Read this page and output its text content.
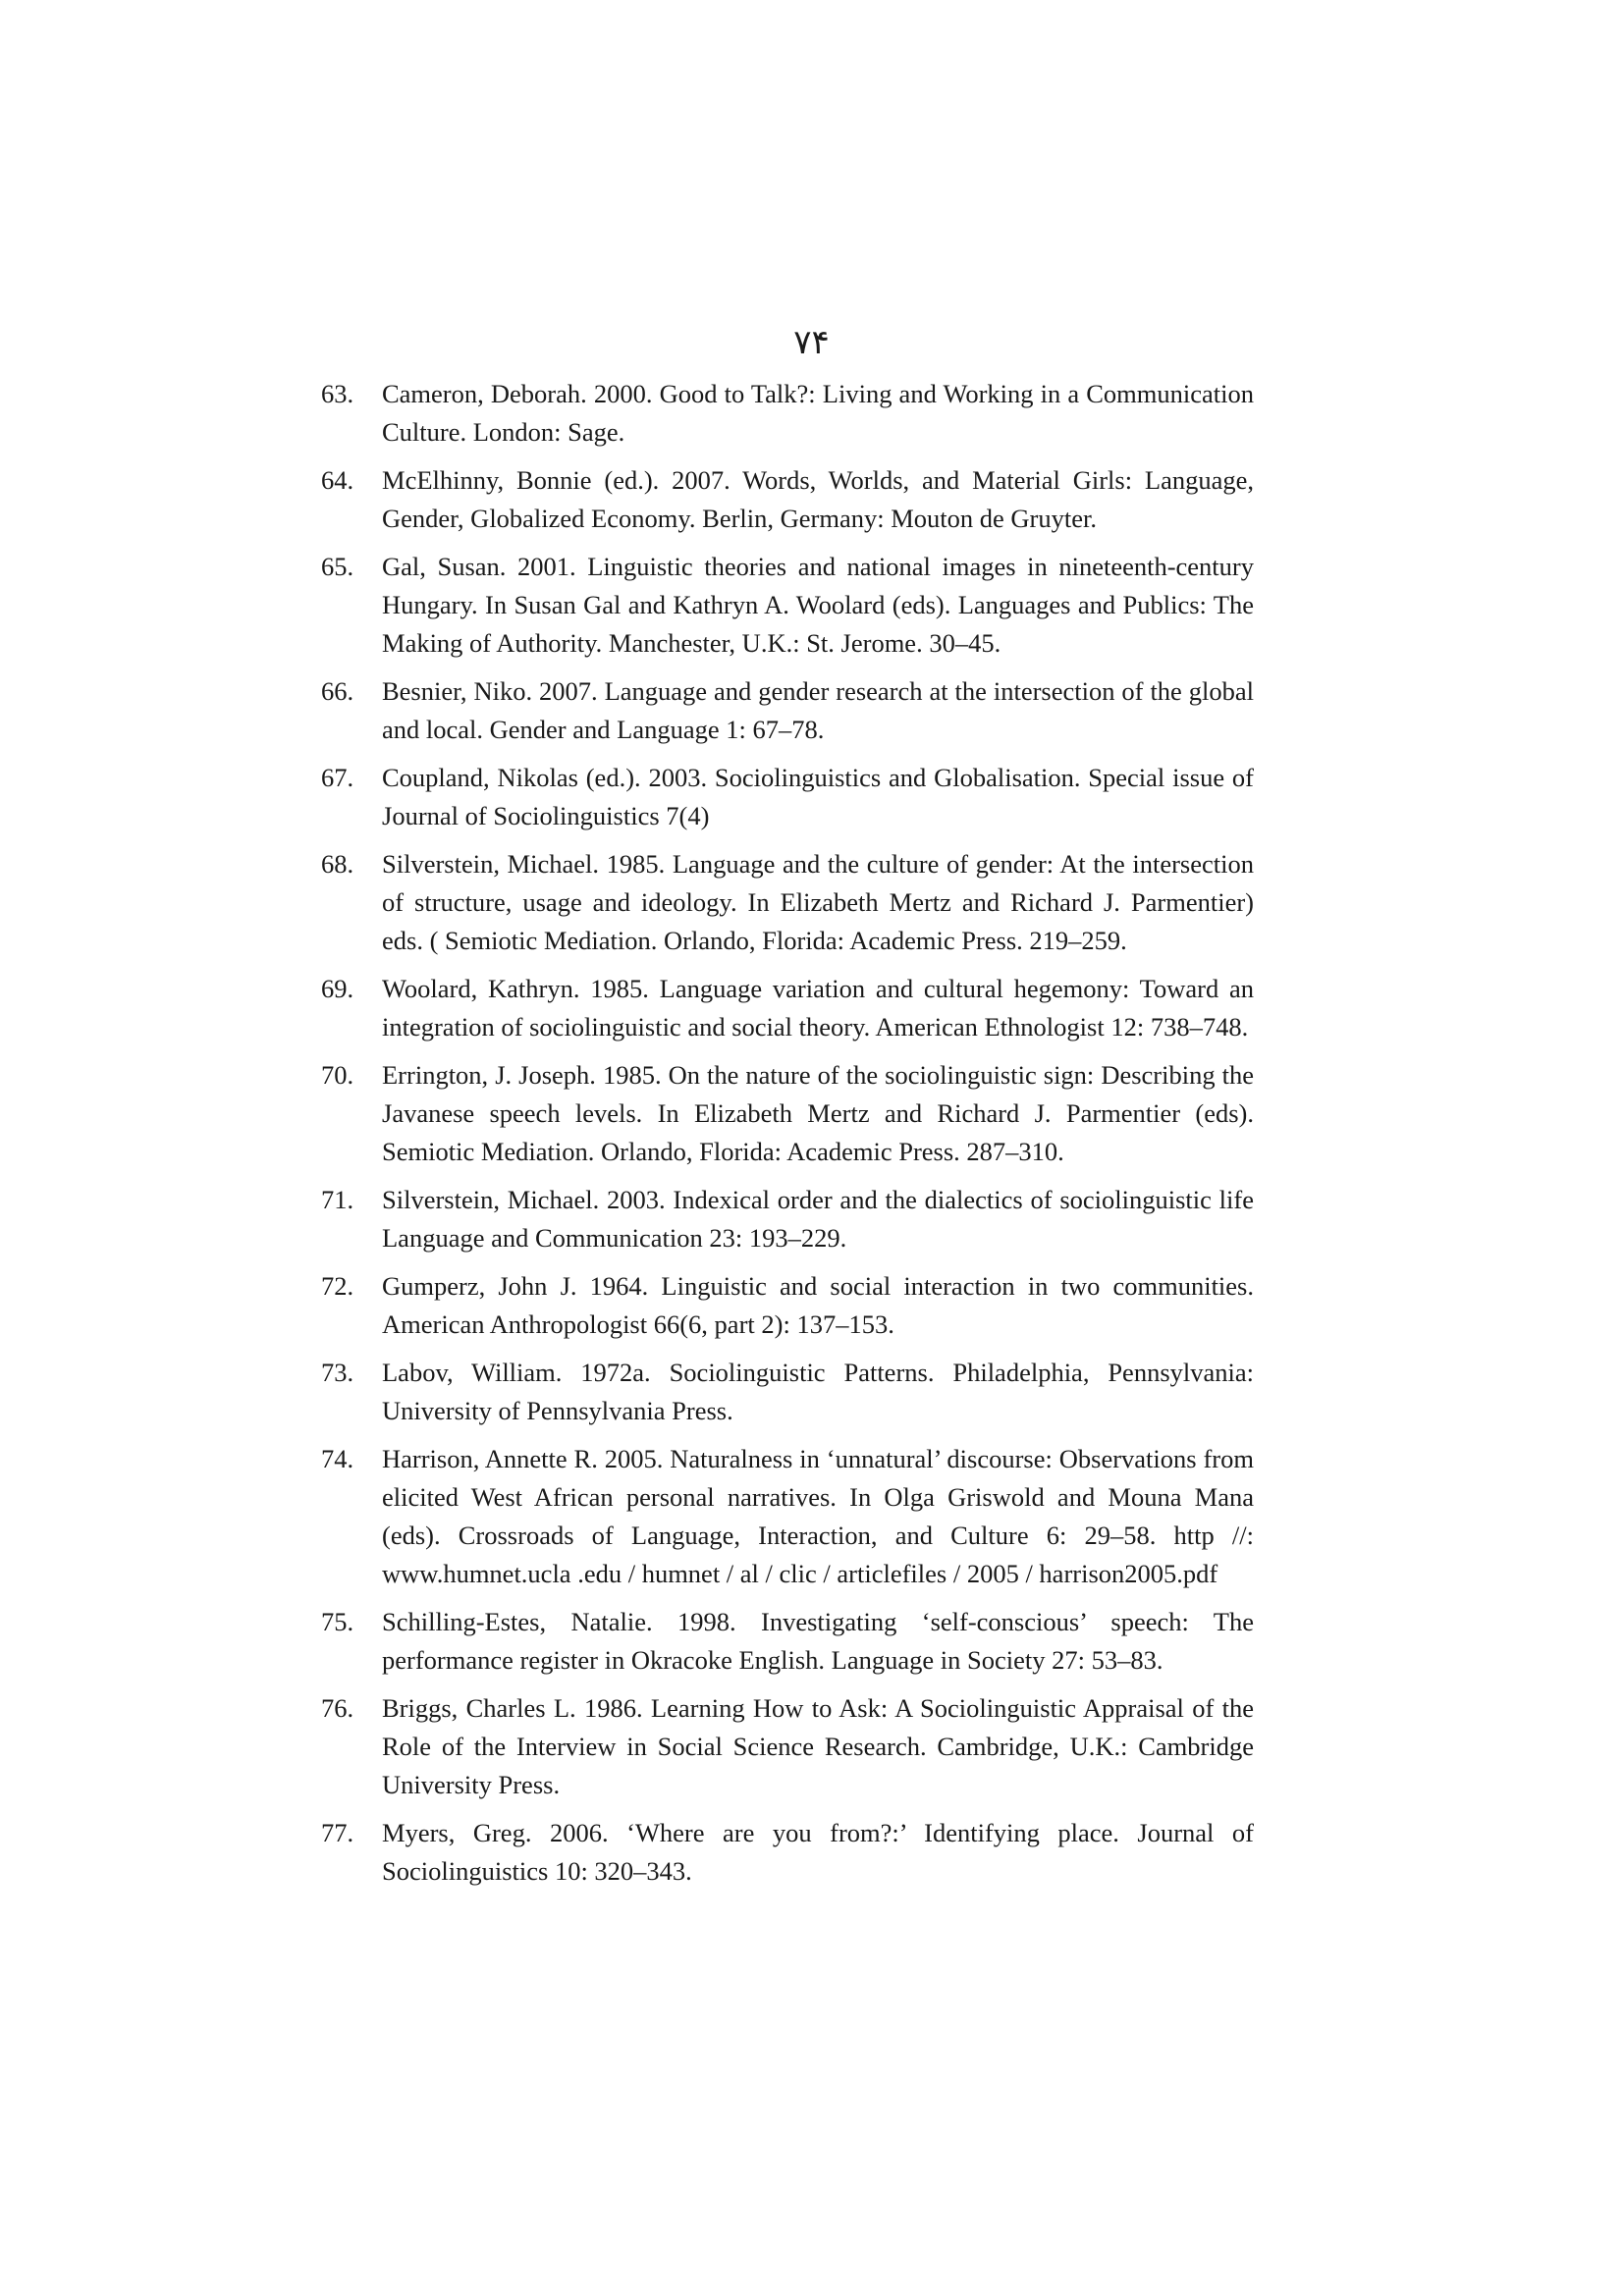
۷۴
63. Cameron, Deborah. 2000. Good to Talk?: Living and Working in a Communication Culture. London: Sage.
64. McElhinny, Bonnie (ed.). 2007. Words, Worlds, and Material Girls: Language, Gender, Globalized Economy. Berlin, Germany: Mouton de Gruyter.
65. Gal, Susan. 2001. Linguistic theories and national images in nineteenth-century Hungary. In Susan Gal and Kathryn A. Woolard (eds). Languages and Publics: The Making of Authority. Manchester, U.K.: St. Jerome. 30–45.
66. Besnier, Niko. 2007. Language and gender research at the intersection of the global and local. Gender and Language 1: 67–78.
67. Coupland, Nikolas (ed.). 2003. Sociolinguistics and Globalisation. Special issue of Journal of Sociolinguistics 7(4)
68. Silverstein, Michael. 1985. Language and the culture of gender: At the intersection of structure, usage and ideology. In Elizabeth Mertz and Richard J. Parmentier) eds. ( Semiotic Mediation. Orlando, Florida: Academic Press. 219–259.
69. Woolard, Kathryn. 1985. Language variation and cultural hegemony: Toward an integration of sociolinguistic and social theory. American Ethnologist 12: 738–748.
70. Errington, J. Joseph. 1985. On the nature of the sociolinguistic sign: Describing the Javanese speech levels. In Elizabeth Mertz and Richard J. Parmentier (eds). Semiotic Mediation. Orlando, Florida: Academic Press. 287–310.
71. Silverstein, Michael. 2003. Indexical order and the dialectics of sociolinguistic life Language and Communication 23: 193–229.
72. Gumperz, John J. 1964. Linguistic and social interaction in two communities. American Anthropologist 66(6, part 2): 137–153.
73. Labov, William. 1972a. Sociolinguistic Patterns. Philadelphia, Pennsylvania: University of Pennsylvania Press.
74. Harrison, Annette R. 2005. Naturalness in ‘unnatural’ discourse: Observations from elicited West African personal narratives. In Olga Griswold and Mouna Mana (eds). Crossroads of Language, Interaction, and Culture 6: 29–58. http //: www.humnet.ucla .edu / humnet / al / clic / articlefiles / 2005 / harrison2005.pdf
75. Schilling-Estes, Natalie. 1998. Investigating ‘self-conscious’ speech: The performance register in Okracoke English. Language in Society 27: 53–83.
76. Briggs, Charles L. 1986. Learning How to Ask: A Sociolinguistic Appraisal of the Role of the Interview in Social Science Research. Cambridge, U.K.: Cambridge University Press.
77. Myers, Greg. 2006. ‘Where are you from?:’ Identifying place. Journal of Sociolinguistics 10: 320–343.
